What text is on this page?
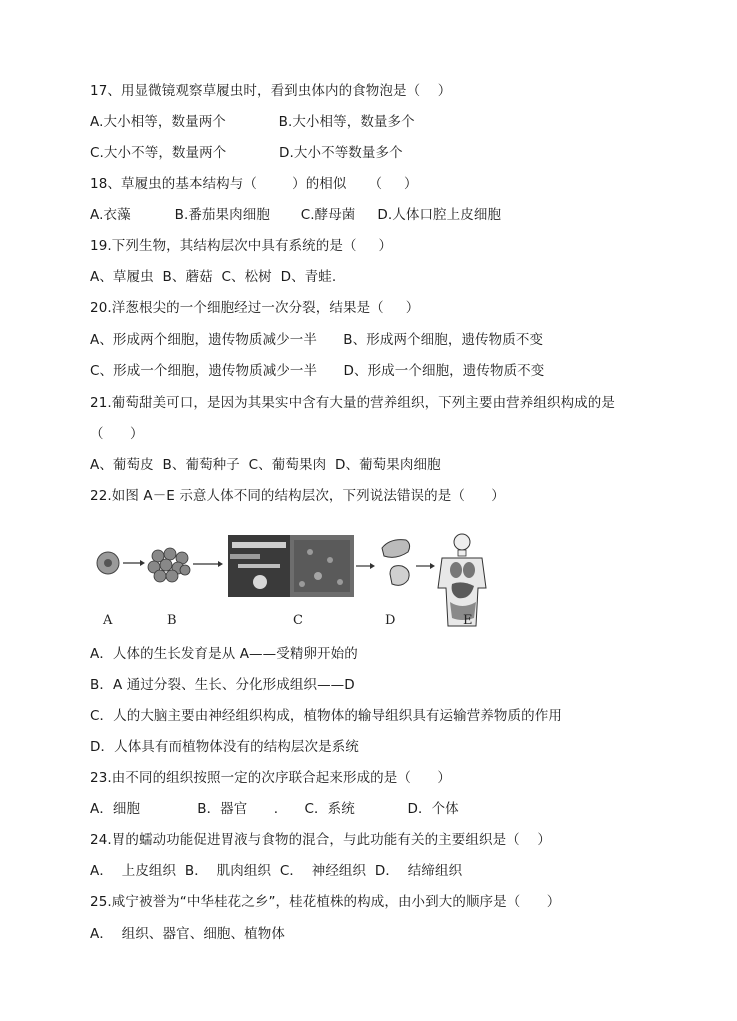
17、用显微镜观察草履虫时，看到虫体内的食物泡是（    ）
A.大小相等，数量两个            B.大小相等，数量多个
C.大小不等，数量两个            D.大小不等数量多个
18、草履虫的基本结构与（        ）的相似     （     ）
A.衣藻          B.番茄果肉细胞       C.酵母菌     D.人体口腔上皮细胞
19.下列生物，其结构层次中具有系统的是（     ）
A、草履虫  B、蘑菇  C、松树  D、青蛙.
20.洋葱根尖的一个细胞经过一次分裂，结果是（     ）
A、形成两个细胞，遗传物质减少一半      B、形成两个细胞，遗传物质不变
C、形成一个细胞，遗传物质减少一半      D、形成一个细胞，遗传物质不变
21.葡萄甜美可口，是因为其果实中含有大量的营养组织，下列主要由营养组织构成的是
（      ）
A、葡萄皮  B、葡萄种子  C、葡萄果肉  D、葡萄果肉细胞
22.如图 A－E 示意人体不同的结构层次，下列说法错误的是（      ）
A	B	C	D	E
A．人体的生长发育是从 A——受精卵开始的
B．A 通过分裂、生长、分化形成组织——D
C．人的大脑主要由神经组织构成，植物体的输导组织具有运输营养物质的作用
D．人体具有而植物体没有的结构层次是系统
23.由不同的组织按照一定的次序联合起来形成的是（      ）
A．细胞             B．器官      .      C．系统            D．个体
24.胃的蠕动功能促进胃液与食物的混合，与此功能有关的主要组织是（    ）
A．  上皮组织  B．  肌肉组织  C．  神经组织  D．  结缔组织
25.咸宁被誉为“中华桂花之乡”，桂花植株的构成，由小到大的顺序是（      ）
A．  组织、器官、细胞、植物体
